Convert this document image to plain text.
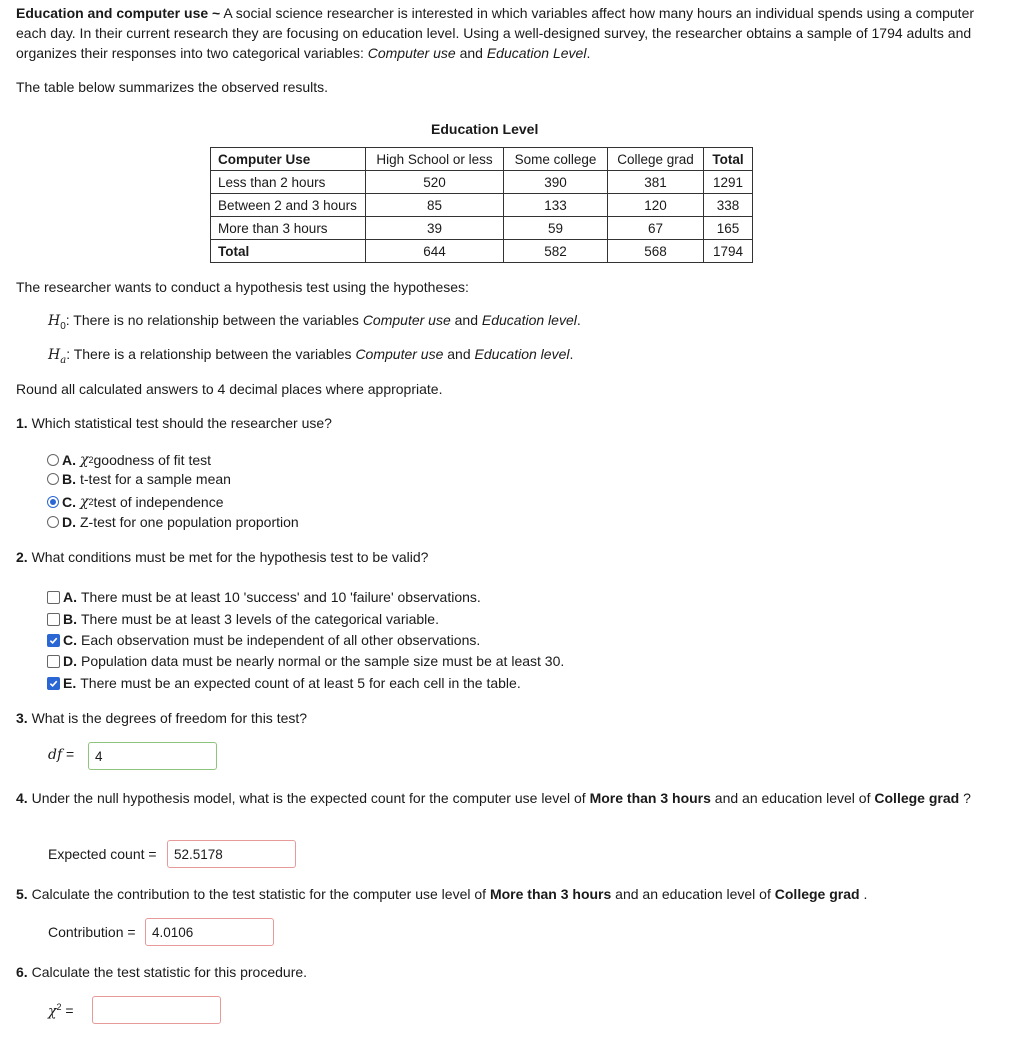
Education and computer use ~ A social science researcher is interested in which variables affect how many hours an individual spends using a computer each day. In their current research they are focusing on education level. Using a well-designed survey, the researcher obtains a sample of 1794 adults and organizes their responses into two categorical variables: Computer use and Education Level.
The table below summarizes the observed results.
Education Level
Computer Use	High School or less	Some college	College grad	Total
Less than 2 hours	520	390	381	1291
Between 2 and 3 hours	85	133	120	338
More than 3 hours	39	59	67	165
Total	644	582	568	1794
The researcher wants to conduct a hypothesis test using the hypotheses:
$H_0$: There is no relationship between the variables Computer use and Education level.
$H_a$: There is a relationship between the variables Computer use and Education level.
Round all calculated answers to 4 decimal places where appropriate.
1. Which statistical test should the researcher use?
A. χ 2 goodness of fit test
B. t-test for a sample mean
C. χ 2 test of independence
D. Z-test for one population proportion
2. What conditions must be met for the hypothesis test to be valid?
A. There must be at least 10 'success' and 10 'failure' observations.
B. There must be at least 3 levels of the categorical variable.
C. Each observation must be independent of all other observations.
D. Population data must be nearly normal or the sample size must be at least 30.
E. There must be an expected count of at least 5 for each cell in the table.
3. What is the degrees of freedom for this test?
df =	4
4. Under the null hypothesis model, what is the expected count for the computer use level of More than 3 hours and an education level of College grad ?
Expected count =	52.5178
5. Calculate the contribution to the test statistic for the computer use level of More than 3 hours and an education level of College grad .
Contribution =	4.0106
6. Calculate the test statistic for this procedure.
$\chi^2$ =
